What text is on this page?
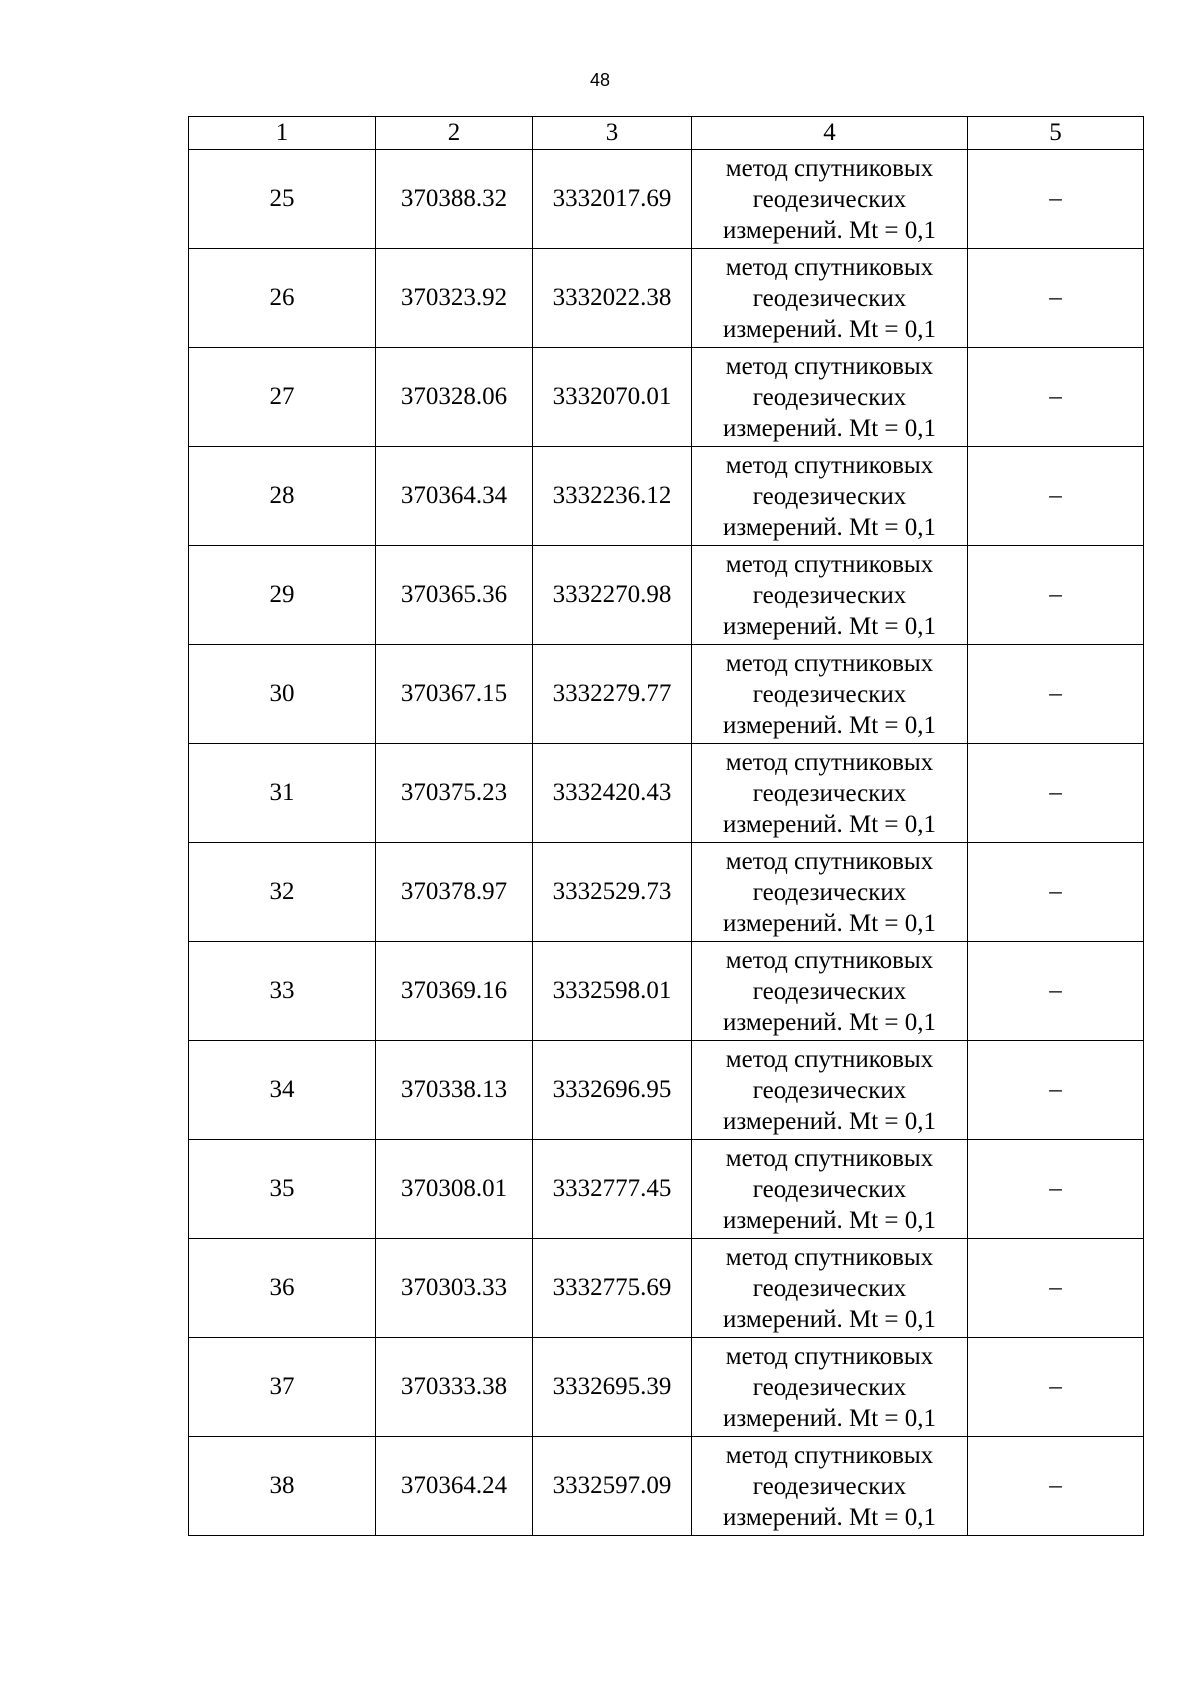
48
1	2	3	4	5
25	370388.32	3332017.69	метод спутниковых
геодезических
измерений. Mt = 0,1	–
26	370323.92	3332022.38	метод спутниковых
геодезических
измерений. Mt = 0,1	–
27	370328.06	3332070.01	метод спутниковых
геодезических
измерений. Mt = 0,1	–
28	370364.34	3332236.12	метод спутниковых
геодезических
измерений. Mt = 0,1	–
29	370365.36	3332270.98	метод спутниковых
геодезических
измерений. Mt = 0,1	–
30	370367.15	3332279.77	метод спутниковых
геодезических
измерений. Mt = 0,1	–
31	370375.23	3332420.43	метод спутниковых
геодезических
измерений. Mt = 0,1	–
32	370378.97	3332529.73	метод спутниковых
геодезических
измерений. Mt = 0,1	–
33	370369.16	3332598.01	метод спутниковых
геодезических
измерений. Mt = 0,1	–
34	370338.13	3332696.95	метод спутниковых
геодезических
измерений. Mt = 0,1	–
35	370308.01	3332777.45	метод спутниковых
геодезических
измерений. Mt = 0,1	–
36	370303.33	3332775.69	метод спутниковых
геодезических
измерений. Mt = 0,1	–
37	370333.38	3332695.39	метод спутниковых
геодезических
измерений. Mt = 0,1	–
38	370364.24	3332597.09	метод спутниковых
геодезических
измерений. Mt = 0,1	–
